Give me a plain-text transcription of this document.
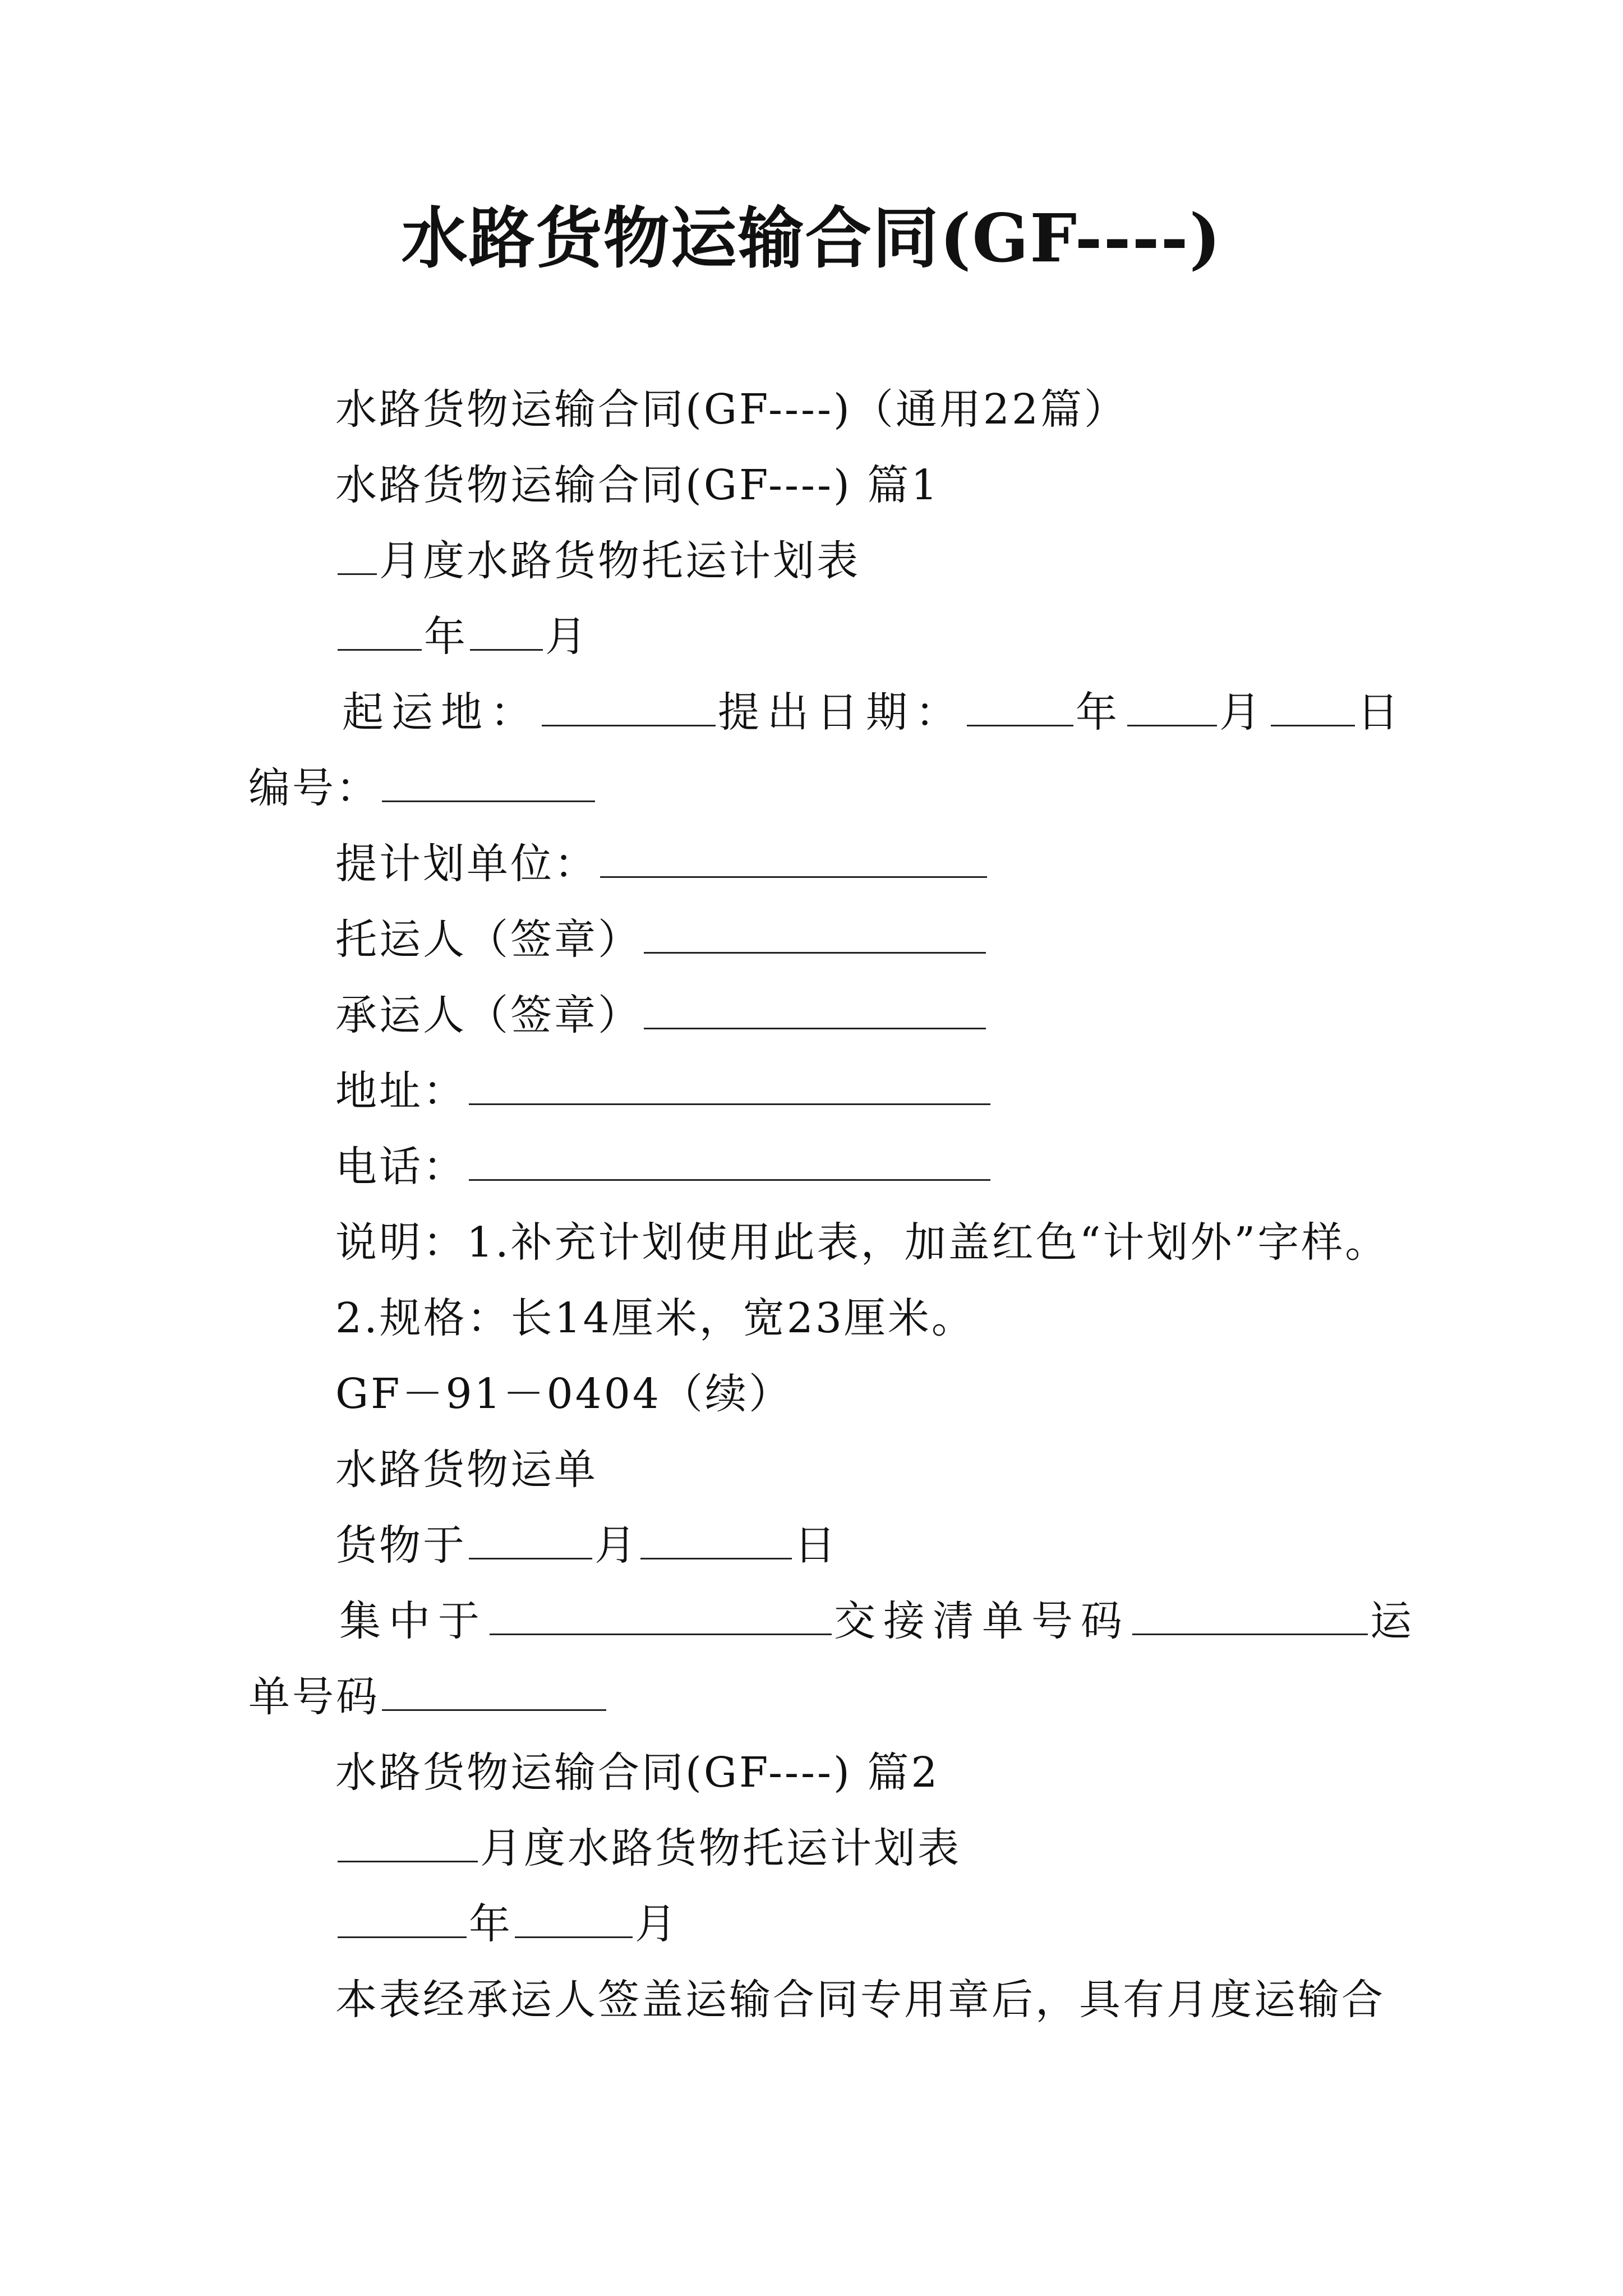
水路货物运输合同(GF----)
水路货物运输合同(GF----)（通用22篇）
水路货物运输合同(GF----) 篇1
月度水路货物托运计划表
年 月
起运地：	提出日期：	年 月 日
编号：
提计划单位：
托运人（签章）
承运人（签章）
地址：
电话：
说明：1.补充计划使用此表，加盖红色“计划外”字样。
2.规格：长14厘米，宽23厘米。
GF－91－0404（续）
水路货物运单
货物于	月	日
集中于	交接清单号码	运
单号码
水路货物运输合同(GF----) 篇2
月度水路货物托运计划表
年	月
本表经承运人签盖运输合同专用章后，具有月度运输合
